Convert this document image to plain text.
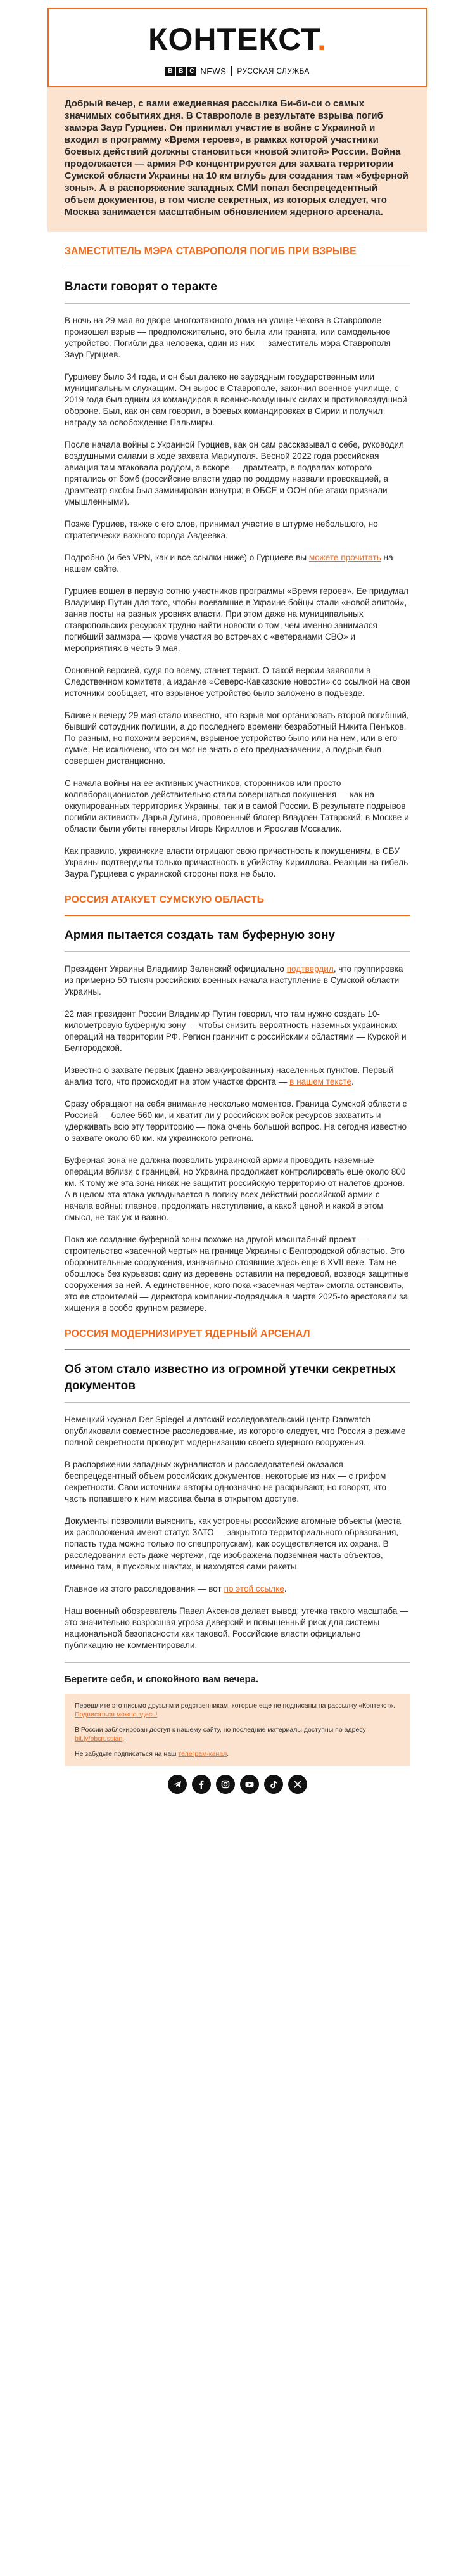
КОНТЕКСТ.
B B C NEWS РУССКАЯ СЛУЖБА
Добрый вечер, с вами ежедневная рассылка Би-би-си о самых значимых событиях дня. В Ставрополе в результате взрыва погиб замэра Заур Гурциев. Он принимал участие в войне с Украиной и входил в программу «Время героев», в рамках которой участники боевых действий должны становиться «новой элитой» России. Война продолжается — армия РФ концентрируется для захвата территории Сумской области Украины на 10 км вглубь для создания там «буферной зоны». А в распоряжение западных СМИ попал беспрецедентный объем документов, в том числе секретных, из которых следует, что Москва занимается масштабным обновлением ядерного арсенала.
ЗАМЕСТИТЕЛЬ МЭРА СТАВРОПОЛЯ ПОГИБ ПРИ ВЗРЫВЕ
Власти говорят о теракте

В ночь на 29 мая во дворе многоэтажного дома на улице Чехова в Ставрополе произошел взрыв — предположительно, это была или граната, или самодельное устройство. Погибли два человека, один из них — заместитель мэра Ставрополя Заур Гурциев.

Гурциеву было 34 года, и он был далеко не заурядным государственным или муниципальным служащим. Он вырос в Ставрополе, закончил военное училище, с 2019 года был одним из командиров в военно-воздушных силах и противовоздушной обороне. Был, как он сам говорил, в боевых командировках в Сирии и получил награду за освобождение Пальмиры.

После начала войны с Украиной Гурциев, как он сам рассказывал о себе, руководил воздушными силами в ходе захвата Мариуполя. Весной 2022 года российская авиация там атаковала роддом, а вскоре — драмтеатр, в подвалах которого прятались от бомб (российские власти удар по роддому назвали провокацией, а драмтеатр якобы был заминирован изнутри; в ОБСЕ и ООН обе атаки признали умышленными).

Позже Гурциев, также с его слов, принимал участие в штурме небольшого, но стратегически важного города Авдеевка.

Подробно (и без VPN, как и все ссылки ниже) о Гурциеве вы можете прочитать на нашем сайте.

Гурциев вошел в первую сотню участников программы «Время героев». Ее придумал Владимир Путин для того, чтобы воевавшие в Украине бойцы стали «новой элитой», заняв посты на разных уровнях власти. При этом даже на муниципальных ставропольских ресурсах трудно найти новости о том, чем именно занимался погибший заммэра — кроме участия во встречах с «ветеранами СВО» и мероприятиях в честь 9 мая.

Основной версией, судя по всему, станет теракт. О такой версии заявляли в Следственном комитете, а издание «Северо-Кавказские новости» со ссылкой на свои источники сообщает, что взрывное устройство было заложено в подъезде.

Ближе к вечеру 29 мая стало известно, что взрыв мог организовать второй погибший, бывший сотрудник полиции, а до последнего времени безработный Никита Пенъков. По разным, но похожим версиям, взрывное устройство было или на нем, или в его сумке. Не исключено, что он мог не знать о его предназначении, а подрыв был совершен дистанционно.

С начала войны на ее активных участников, сторонников или просто коллаборационистов действительно стали совершаться покушения — как на оккупированных территориях Украины, так и в самой России. В результате подрывов погибли активисты Дарья Дугина, провоенный блогер Владлен Татарский; в Москве и области были убиты генералы Игорь Кириллов и Ярослав Москалик.

Как правило, украинские власти отрицают свою причастность к покушениям, в СБУ Украины подтвердили только причастность к убийству Кириллова. Реакции на гибель Заура Гурциева с украинской стороны пока не было.

РОССИЯ АТАКУЕТ СУМСКУЮ ОБЛАСТЬ
Армия пытается создать там буферную зону

Президент Украины Владимир Зеленский официально подтвердил, что группировка из примерно 50 тысяч российских военных начала наступление в Сумской области Украины.

22 мая президент России Владимир Путин говорил, что там нужно создать 10-километровую буферную зону — чтобы снизить вероятность наземных украинских операций на территории РФ. Регион граничит с российскими областями — Курской и Белгородской.

Известно о захвате первых (давно эвакуированных) населенных пунктов. Первый анализ того, что происходит на этом участке фронта — в нашем тексте.

Сразу обращают на себя внимание несколько моментов. Граница Сумской области с Россией — более 560 км, и хватит ли у российских войск ресурсов захватить и удерживать всю эту территорию — пока очень большой вопрос. На сегодня известно о захвате около 60 км. км украинского региона.

Буферная зона не должна позволить украинской армии проводить наземные операции вблизи с границей, но Украина продолжает контролировать еще около 800 км. К тому же эта зона никак не защитит российскую территорию от налетов дронов. А в целом эта атака укладывается в логику всех действий российской армии с начала войны: главное, продолжать наступление, а какой ценой и какой в этом смысл, не так уж и важно.

Пока же создание буферной зоны похоже на другой масштабный проект — строительство «засечной черты» на границе Украины с Белгородской областью. Это оборонительные сооружения, изначально стоявшие здесь еще в XVII веке. Там не обошлось без курьезов: одну из деревень оставили на передовой, возводя защитные сооружения за ней. А единственное, кого пока «засечная черта» смогла остановить, это ее строителей — директора компании-подрядчика в марте 2025-го арестовали за хищения в особо крупном размере.

РОССИЯ МОДЕРНИЗИРУЕТ ЯДЕРНЫЙ АРСЕНАЛ
Об этом стало известно из огромной утечки секретных документов

Немецкий журнал Der Spiegel и датский исследовательский центр Danwatch опубликовали совместное расследование, из которого следует, что Россия в режиме полной секретности проводит модернизацию своего ядерного вооружения.

В распоряжении западных журналистов и расследователей оказался беспрецедентный объем российских документов, некоторые из них — с грифом секретности. Свои источники авторы однозначно не раскрывают, но говорят, что часть попавшего к ним массива была в открытом доступе.

Документы позволили выяснить, как устроены российские атомные объекты (места их расположения имеют статус ЗАТО — закрытого территориального образования, попасть туда можно только по спецпропускам), как осуществляется их охрана. В расследовании есть даже чертежи, где изображена подземная часть объектов, именно там, в пусковых шахтах, и находятся сами ракеты.

Главное из этого расследования — вот по этой ссылке.

Наш военный обозреватель Павел Аксенов делает вывод: утечка такого масштаба — это значительно возросшая угроза диверсий и повышенный риск для системы национальной безопасности как таковой. Российские власти официально публикацию не комментировали.

Берегите себя, и спокойного вам вечера.

Перешлите это письмо друзьям и родственникам, которые еще не подписаны на рассылку «Контекст». Подписаться можно здесь!

В России заблокирован доступ к нашему сайту, но последние материалы доступны по адресу bit.ly/bbcrussian.

Не забудьте подписаться на наш телеграм-канал.
